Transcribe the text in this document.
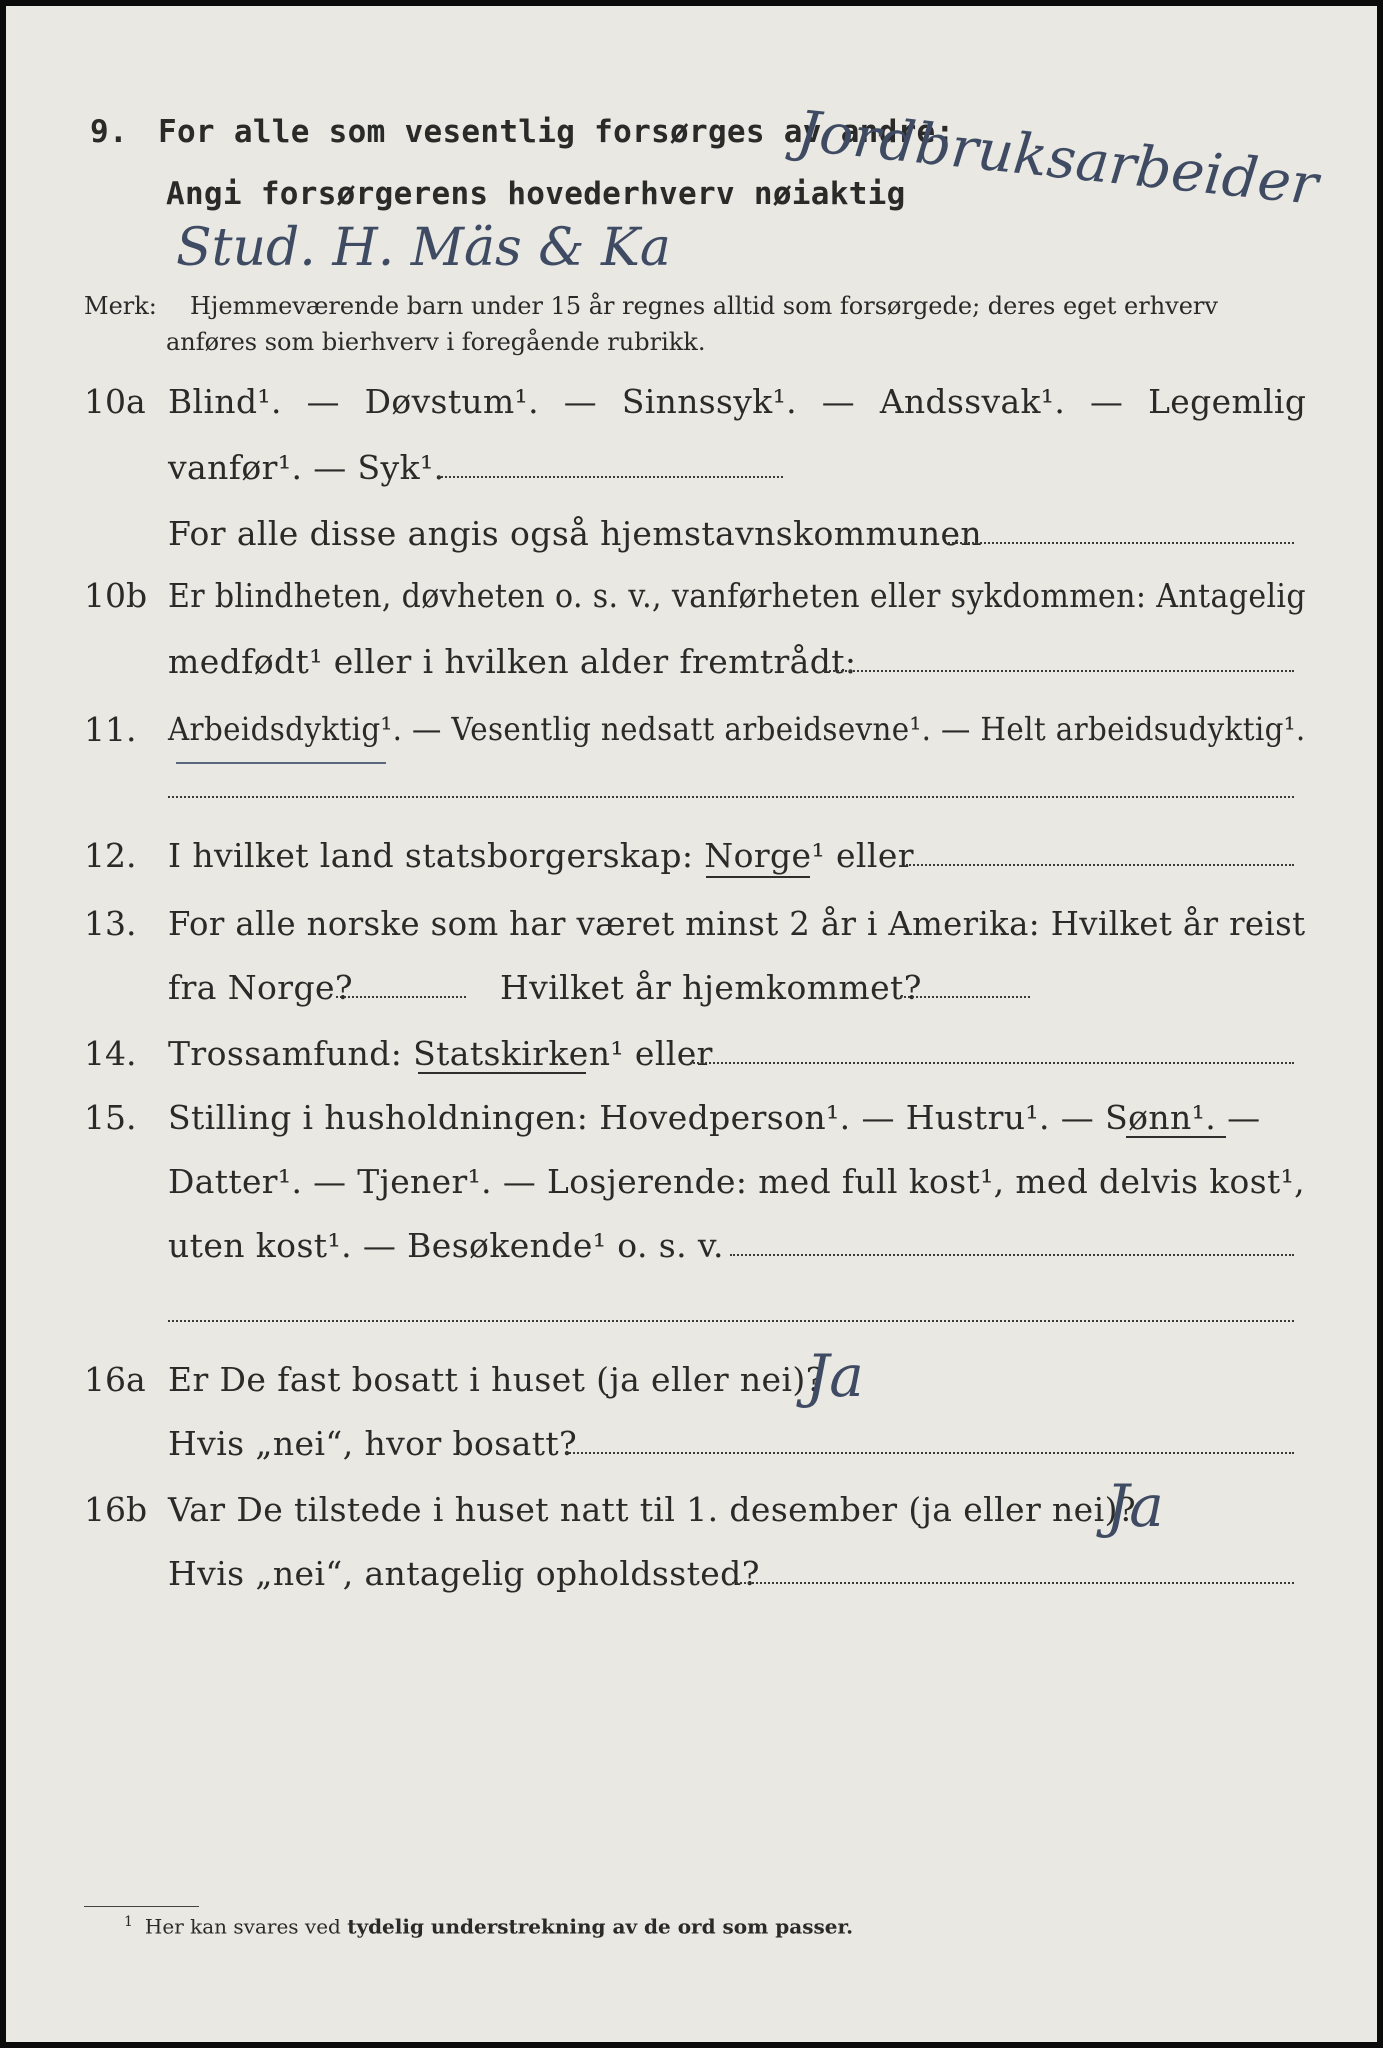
9. For alle som vesentlig forsørges av andre:
Angi forsørgerens hovederhverv nøiaktig
Jordbruksarbeider
Stud. H. Mäs & Ka
Merk: Hjemmeværende barn under 15 år regnes alltid som forsørgede; deres eget erhverv
anføres som bierhverv i foregående rubrikk.
10a Blind¹. — Døvstum¹. — Sinnssyk¹. — Andssvak¹. — Legemlig
vanfør¹. — Syk¹.
For alle disse angis også hjemstavnskommunen
10b Er blindheten, døvheten o. s. v., vanførheten eller sykdommen: Antagelig
medfødt¹ eller i hvilken alder fremtrådt:
11. Arbeidsdyktig¹. — Vesentlig nedsatt arbeidsevne¹. — Helt arbeidsudyktig¹.
12. I hvilket land statsborgerskap: Norge¹ eller
13. For alle norske som har været minst 2 år i Amerika: Hvilket år reist
fra Norge?	Hvilket år hjemkommet?
14. Trossamfund: Statskirken¹ eller
15. Stilling i husholdningen: Hovedperson¹. — Hustru¹. — Sønn¹. —
Datter¹. — Tjener¹. — Losjerende: med full kost¹, med delvis kost¹,
uten kost¹. — Besøkende¹ o. s. v.
16a Er De fast bosatt i huset (ja eller nei)?
Ja
Hvis „nei“, hvor bosatt?
16b Var De tilstede i huset natt til 1. desember (ja eller nei)?
Ja
Hvis „nei“, antagelig opholdssted?
$^1$ Her kan svares ved tydelig understrekning av de ord som passer.
